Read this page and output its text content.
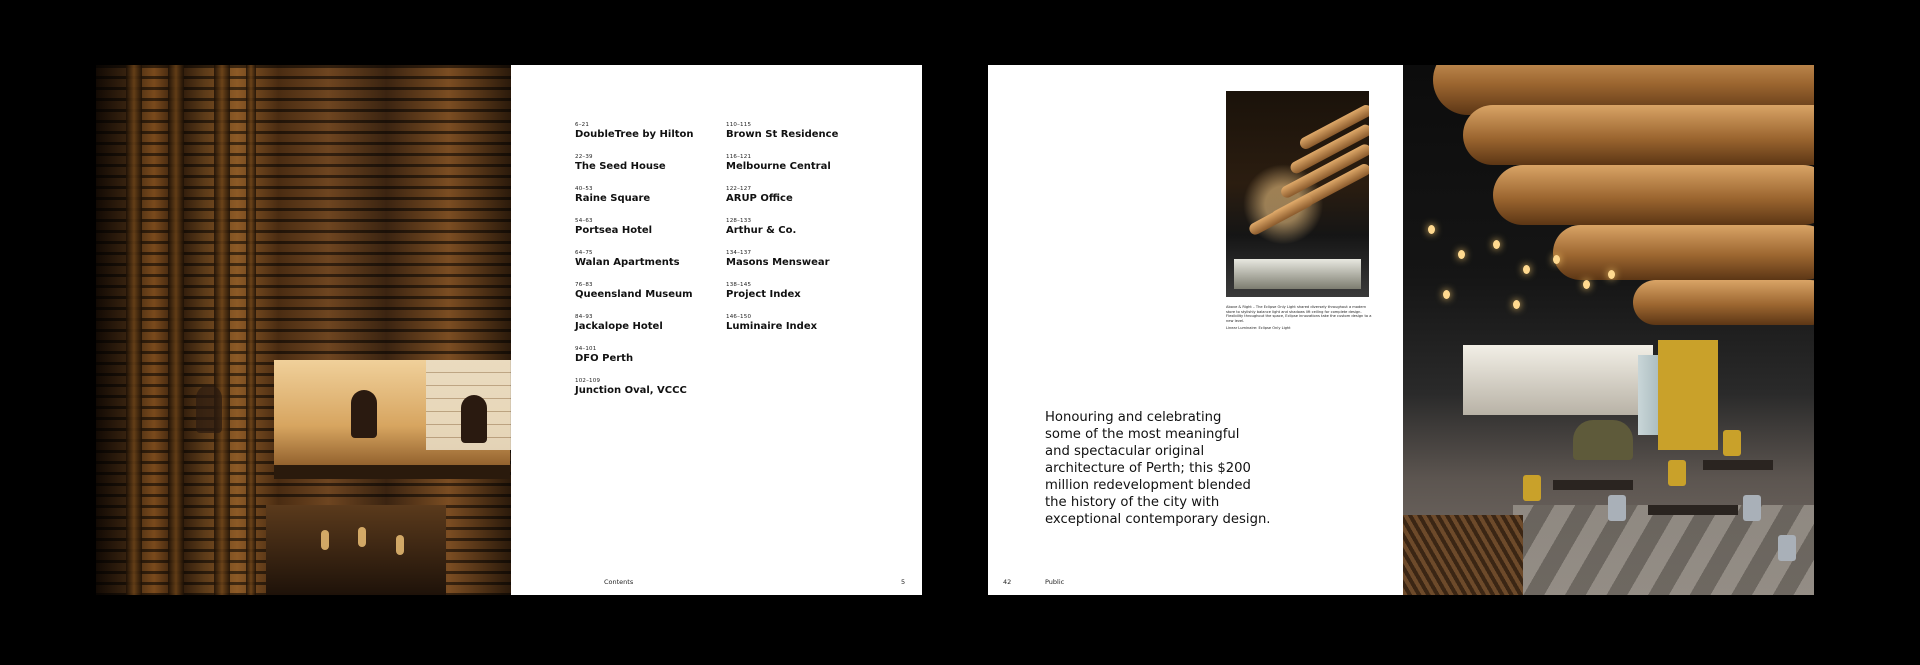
6–21
DoubleTree by Hilton
22–39
The Seed House
40–53
Raine Square
54–63
Portsea Hotel
64–75
Walan Apartments
76–83
Queensland Museum
84–93
Jackalope Hotel
94–101
DFO Perth
102–109
Junction Oval, VCCC
110–115
Brown St Residence
116–121
Melbourne Central
122–127
ARUP Office
128–133
Arthur & Co.
134–137
Masons Menswear
138–145
Project Index
146–150
Luminaire Index
Contents	5
Above & Right – The Eclipse Only Light shared diversely throughout a modern store to stylishly balance light and shadows lift ceiling for complete design. Flexibility throughout the space, Eclipse innovations take the custom design to a new level.
Linear Luminaire: Eclipse Only Light

Honouring and celebrating
some of the most meaningful
and spectacular original
architecture of Perth; this $200
million redevelopment blended
the history of the city with
exceptional contemporary design.

42	Public
